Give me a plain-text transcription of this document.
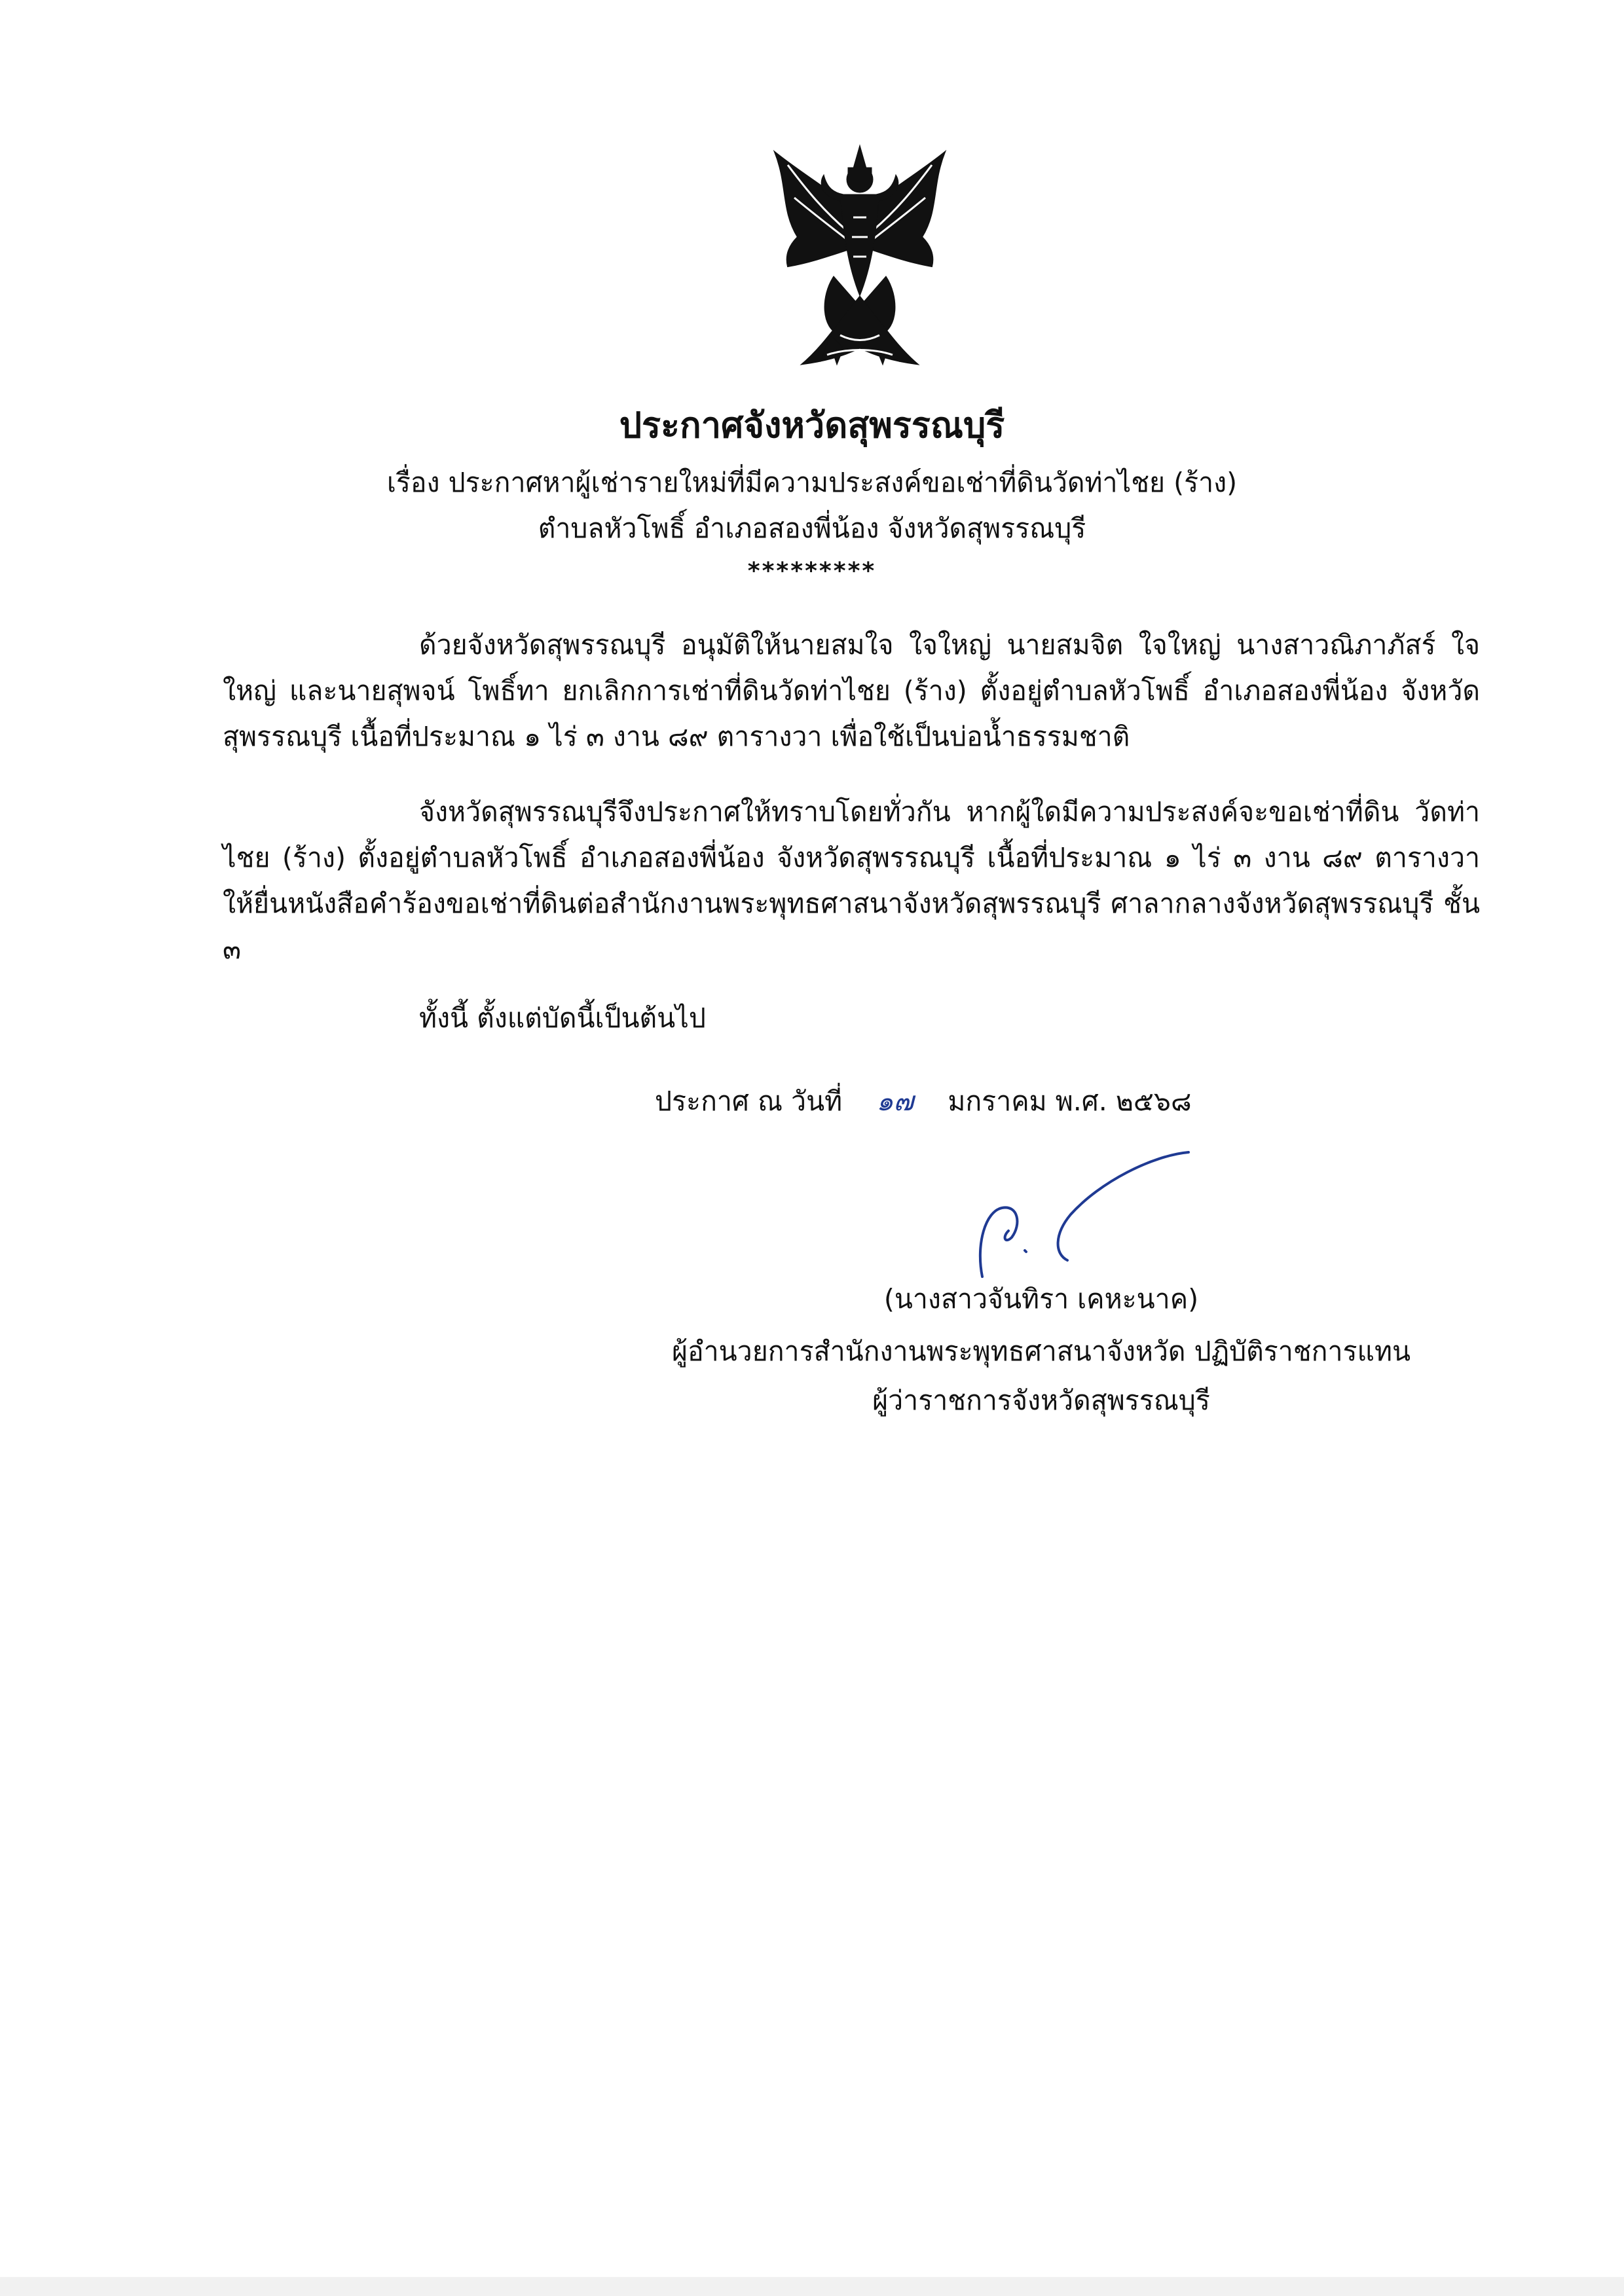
ประกาศจังหวัดสุพรรณบุรี
เรื่อง ประกาศหาผู้เช่ารายใหม่ที่มีความประสงค์ขอเช่าที่ดินวัดท่าไชย (ร้าง)
ตำบลหัวโพธิ์ อำเภอสองพี่น้อง จังหวัดสุพรรณบุรี
*********
ด้วยจังหวัดสุพรรณบุรี อนุมัติให้นายสมใจ ใจใหญ่ นายสมจิต ใจใหญ่ นางสาวณิภาภัสร์ ใจใหญ่ และนายสุพจน์ โพธิ์ทา ยกเลิกการเช่าที่ดินวัดท่าไชย (ร้าง) ตั้งอยู่ตำบลหัวโพธิ์ อำเภอสองพี่น้อง จังหวัดสุพรรณบุรี เนื้อที่ประมาณ ๑ ไร่ ๓ งาน ๘๙ ตารางวา เพื่อใช้เป็นบ่อน้ำธรรมชาติ
จังหวัดสุพรรณบุรีจึงประกาศให้ทราบโดยทั่วกัน หากผู้ใดมีความประสงค์จะขอเช่าที่ดิน วัดท่าไชย (ร้าง) ตั้งอยู่ตำบลหัวโพธิ์ อำเภอสองพี่น้อง จังหวัดสุพรรณบุรี เนื้อที่ประมาณ ๑ ไร่ ๓ งาน ๘๙ ตารางวา ให้ยื่นหนังสือคำร้องขอเช่าที่ดินต่อสำนักงานพระพุทธศาสนาจังหวัดสุพรรณบุรี ศาลากลางจังหวัดสุพรรณบุรี ชั้น ๓
ทั้งนี้ ตั้งแต่บัดนี้เป็นต้นไป
ประกาศ ณ วันที่ ๑๗ มกราคม พ.ศ. ๒๕๖๘
(นางสาวจันทิรา เคหะนาค)
ผู้อำนวยการสำนักงานพระพุทธศาสนาจังหวัด ปฏิบัติราชการแทน
ผู้ว่าราชการจังหวัดสุพรรณบุรี
